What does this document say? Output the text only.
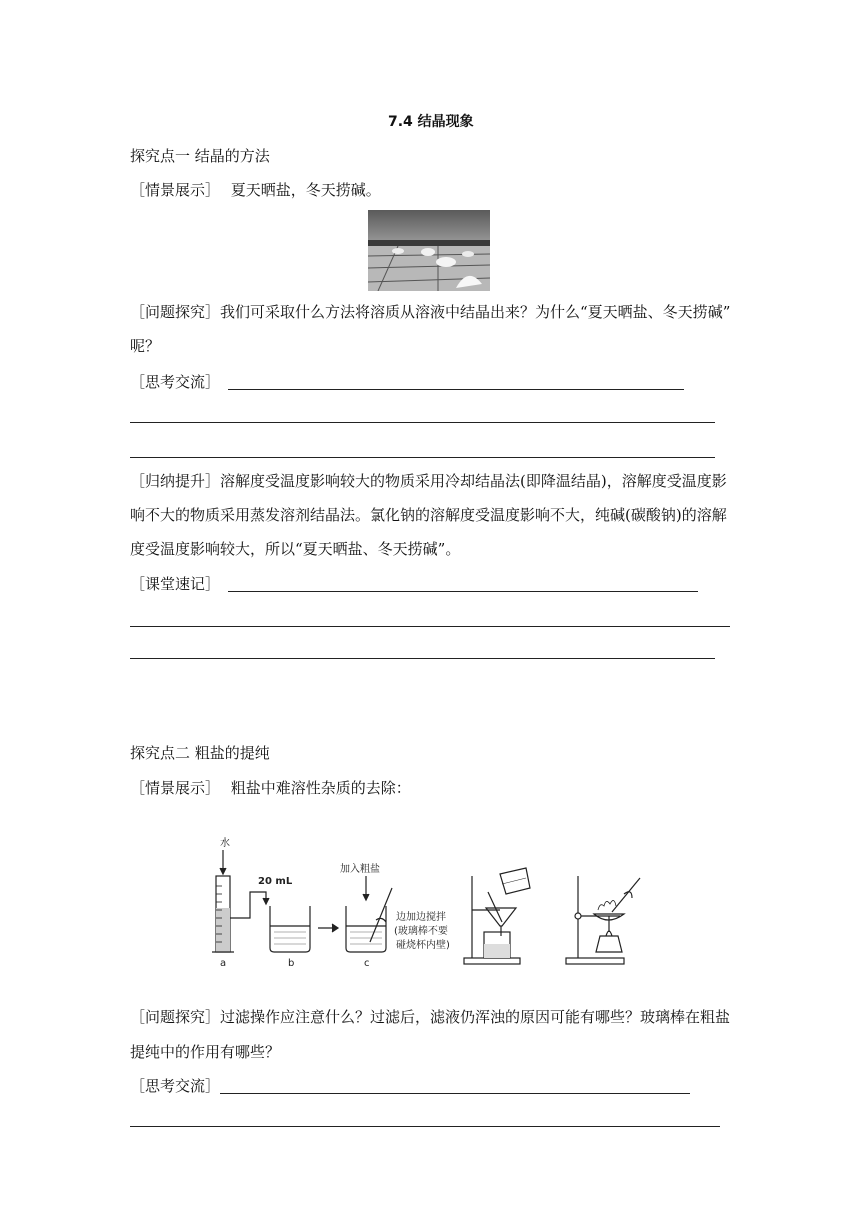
7.4 结晶现象
探究点一 结晶的方法
［情景展示］ 夏天晒盐，冬天捞碱。
［问题探究］我们可采取什么方法将溶质从溶液中结晶出来？为什么“夏天晒盐、冬天捞碱”
呢？
［思考交流］
［归纳提升］溶解度受温度影响较大的物质采用冷却结晶法(即降温结晶)，溶解度受温度影
响不大的物质采用蒸发溶剂结晶法。氯化钠的溶解度受温度影响不大，纯碱(碳酸钠)的溶解
度受温度影响较大，所以“夏天晒盐、冬天捞碱”。
［课堂速记］
探究点二 粗盐的提纯
［情景展示］ 粗盐中难溶性杂质的去除：
水
20 mL
加入粗盐
边加边搅拌
(玻璃棒不要
碰烧杯内壁)
a	b	c
［问题探究］过滤操作应注意什么？过滤后，滤液仍浑浊的原因可能有哪些？玻璃棒在粗盐
提纯中的作用有哪些？
［思考交流］
